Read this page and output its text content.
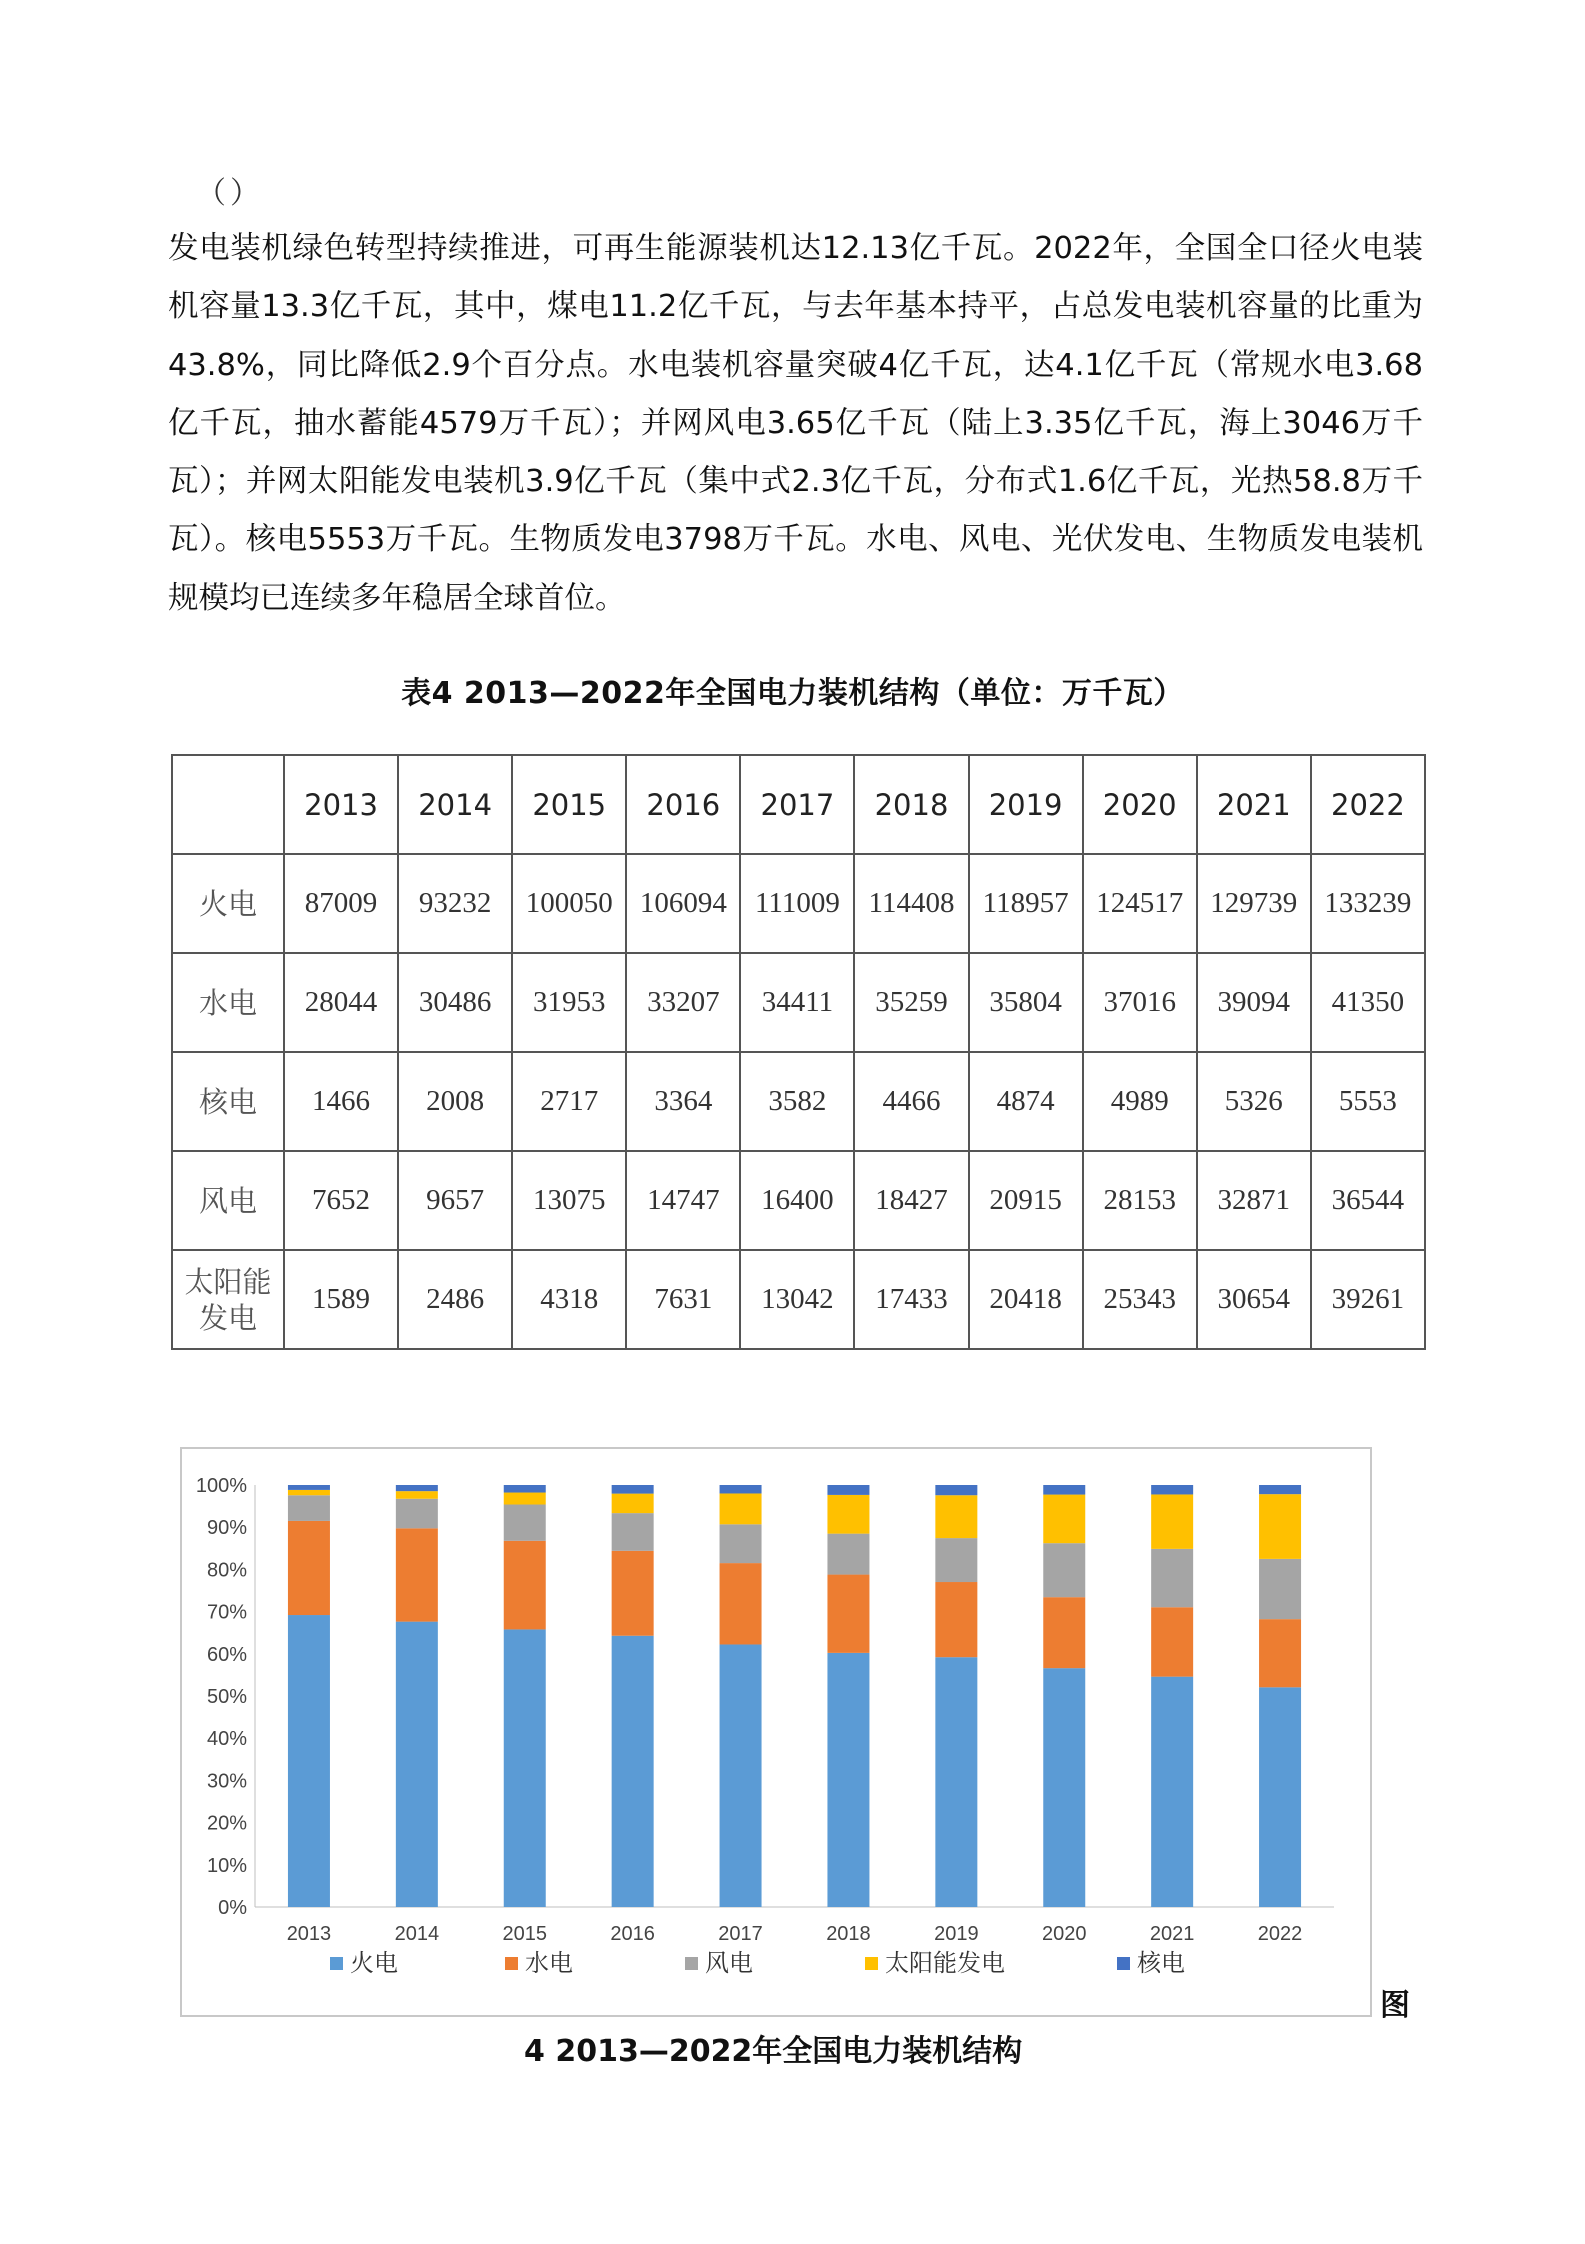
（）
发电装机绿色转型持续推进，可再生能源装机达12.13亿千瓦。2022年，全国全口径火电装机容量13.3亿千瓦，其中，煤电11.2亿千瓦，与去年基本持平，占总发电装机容量的比重为43.8%，同比降低2.9个百分点。水电装机容量突破4亿千瓦，达4.1亿千瓦（常规水电3.68亿千瓦，抽水蓄能4579万千瓦）；并网风电3.65亿千瓦（陆上3.35亿千瓦，海上3046万千瓦）；并网太阳能发电装机3.9亿千瓦（集中式2.3亿千瓦，分布式1.6亿千瓦，光热58.8万千瓦）。核电5553万千瓦。生物质发电3798万千瓦。水电、风电、光伏发电、生物质发电装机规模均已连续多年稳居全球首位。
表4 2013—2022年全国电力装机结构（单位：万千瓦）
	2013	2014	2015	2016	2017	2018	2019	2020	2021	2022
火电	87009	93232	100050	106094	111009	114408	118957	124517	129739	133239
水电	28044	30486	31953	33207	34411	35259	35804	37016	39094	41350
核电	1466	2008	2717	3364	3582	4466	4874	4989	5326	5553
风电	7652	9657	13075	14747	16400	18427	20915	28153	32871	36544

太阳能
发电	1589	2486	4318	7631	13042	17433	20418	25343	30654	39261
0%
10%
20%
30%
40%
50%
60%
70%
80%
90%
100%
2013	2014	2015	2016	2017	2018	2019	2020	2021	2022
火电	水电	风电	太阳能发电	核电
图
4 2013—2022年全国电力装机结构
